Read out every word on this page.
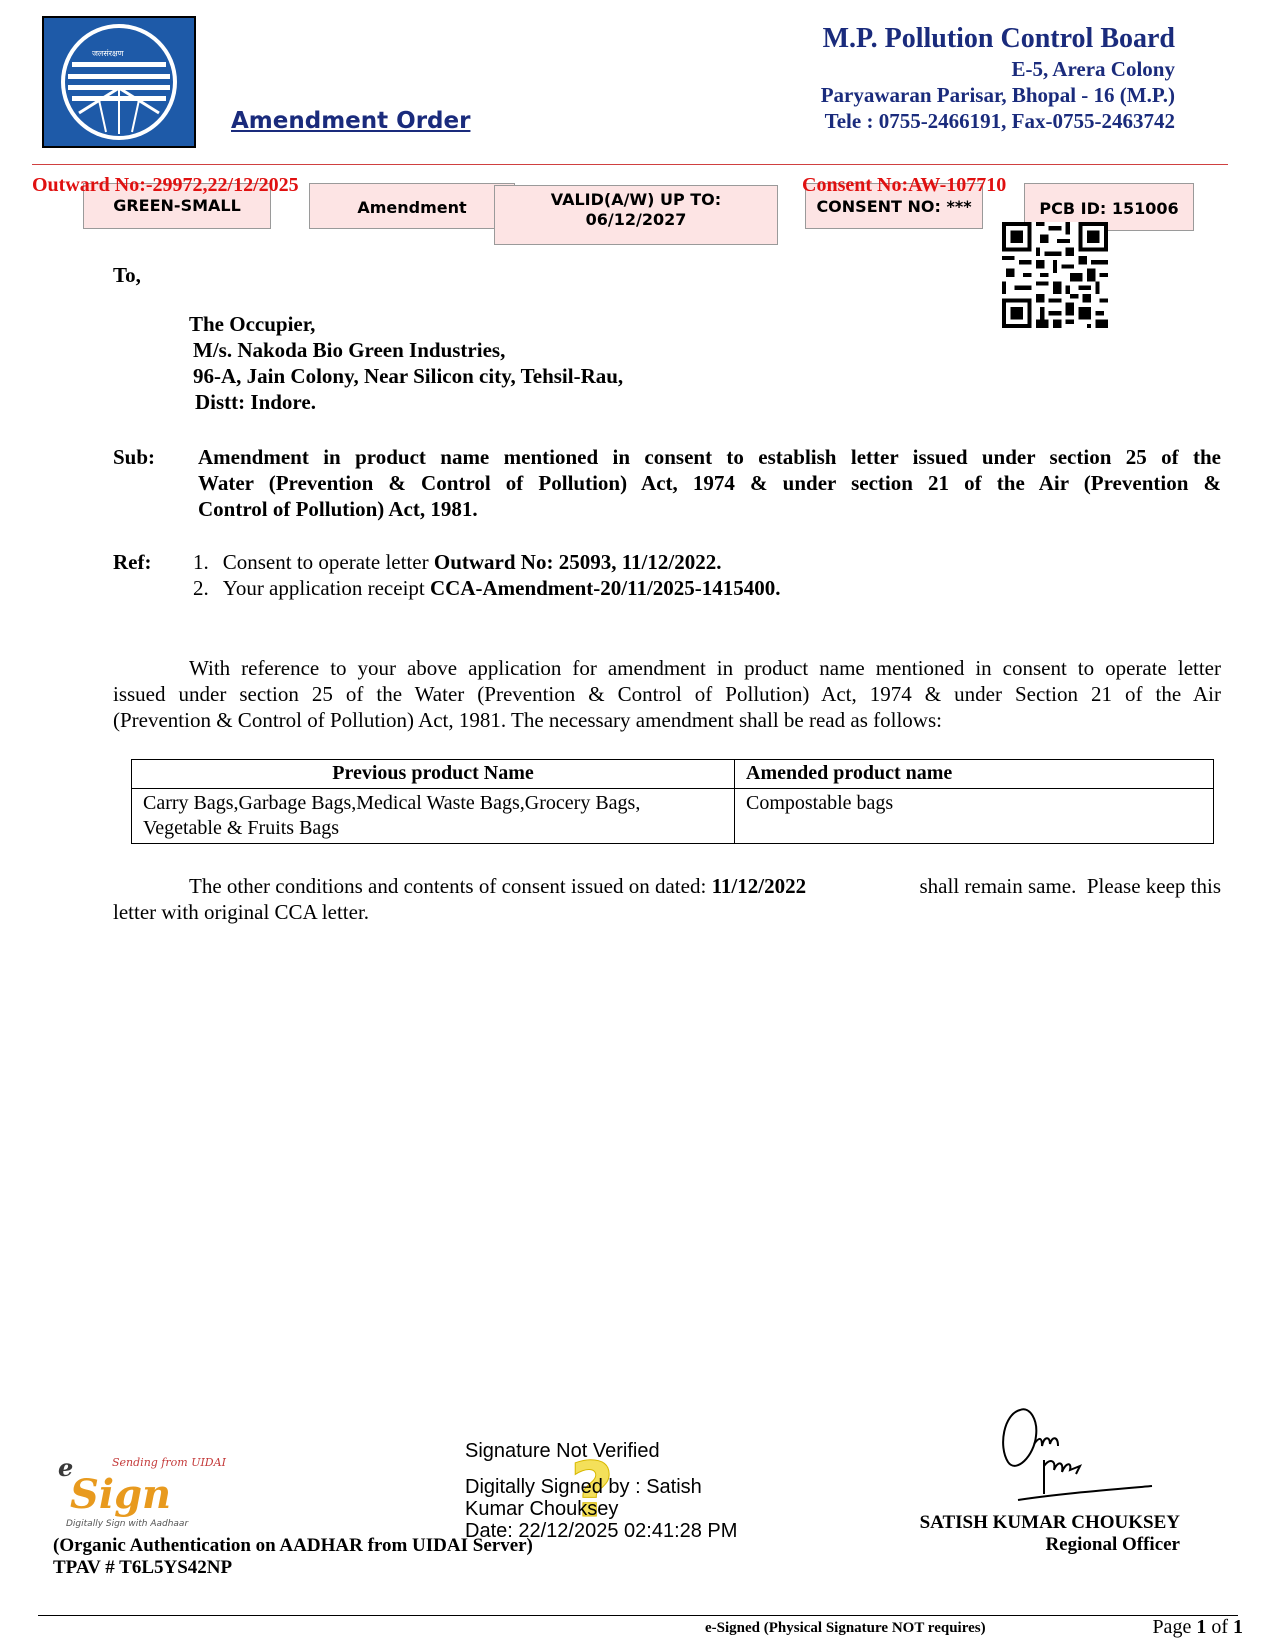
जलसंरक्षण
Amendment Order
M.P. Pollution Control Board
E-5, Arera Colony
Paryawaran Parisar, Bhopal - 16 (M.P.)
Tele : 0755-2466191, Fax-0755-2463742
GREEN-SMALL	Amendment	VALID(A/W) UP TO:
06/12/2027
CONSENT NO: ***	PCB ID: 151006
Outward No:-29972,22/12/2025	Consent No:AW-107710
To,
The Occupier,
M/s. Nakoda Bio Green Industries,
96-A, Jain Colony, Near Silicon city, Tehsil-Rau,
Distt: Indore.
Sub: Amendment in product name mentioned in consent to establish letter issued under section 25 of the
Water (Prevention & Control of Pollution) Act, 1974 & under section 21 of the Air (Prevention &
Control of Pollution) Act, 1981.
Ref: 1. Consent to operate letter Outward No: 25093, 11/12/2022.
2. Your application receipt CCA-Amendment-20/11/2025-1415400.
With reference to your above application for amendment in product name mentioned in consent to operate letter
issued under section 25 of the Water (Prevention & Control of Pollution) Act, 1974 & under Section 21 of the Air
(Prevention & Control of Pollution) Act, 1981. The necessary amendment shall be read as follows:
Previous product Name	Amended product name

Carry Bags,Garbage Bags,Medical Waste Bags,Grocery Bags,
Vegetable & Fruits Bags	Compostable bags
The other conditions and contents of consent issued on dated: 11/12/2022	shall remain same.  Please keep this
letter with original CCA letter.
e	Sending from UIDAI
Sign
Digitally Sign with Aadhaar
Signature Not Verified
?
Digitally Signed by : Satish
Kumar Chouksey
Date: 22/12/2025 02:41:28 PM
(Organic Authentication on AADHAR from UIDAI Server)
TPAV # T6L5YS42NP
SATISH KUMAR CHOUKSEY
Regional Officer
e-Signed (Physical Signature NOT requires)	Page 1 of 1
